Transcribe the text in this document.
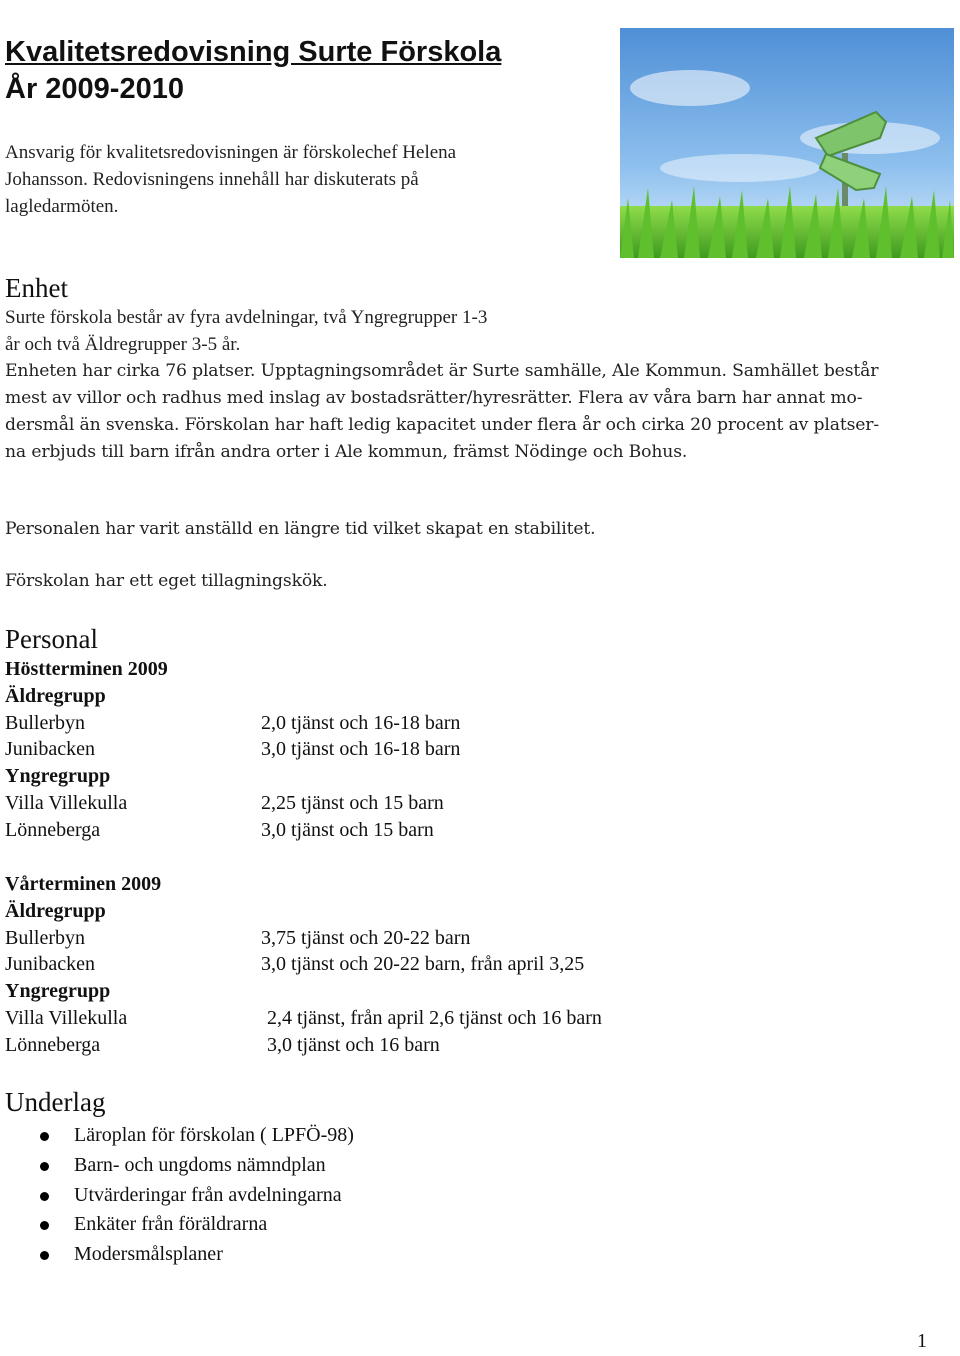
Kvalitetsredovisning Surte Förskola
År 2009-2010
Ansvarig för kvalitetsredovisningen är förskolechef Helena
Johansson. Redovisningens innehåll har diskuterats på
lagledarmöten.
Enhet
Surte förskola består av fyra avdelningar, två Yngregrupper 1-3
år och två Äldregrupper 3-5 år.
Enheten har cirka 76 platser. Upptagningsområdet är Surte samhälle, Ale Kommun. Samhället består
mest av villor och radhus med inslag av bostadsrätter/hyresrätter. Flera av våra barn har annat mo-
dersmål än svenska. Förskolan har haft ledig kapacitet under flera år och cirka 20 procent av platser-
na erbjuds till barn ifrån andra orter i Ale kommun, främst Nödinge och Bohus.
Personalen har varit anställd en längre tid vilket skapat en stabilitet.
Förskolan har ett eget tillagningskök.
Personal
Höstterminen 2009
Äldregrupp
Bullerbyn	2,0 tjänst och 16-18 barn
Junibacken	3,0 tjänst och 16-18 barn
Yngregrupp
Villa Villekulla	2,25 tjänst och 15 barn
Lönneberga	3,0 tjänst och 15 barn
Vårterminen 2009
Äldregrupp
Bullerbyn	3,75 tjänst och 20-22 barn
Junibacken	3,0 tjänst och 20-22 barn, från april 3,25
Yngregrupp
Villa Villekulla	2,4 tjänst, från april 2,6 tjänst och 16 barn
Lönneberga	3,0 tjänst och 16 barn
Underlag
Läroplan för förskolan ( LPFÖ-98)
Barn- och ungdoms nämndplan
Utvärderingar från avdelningarna
Enkäter från föräldrarna
Modersmålsplaner
1
